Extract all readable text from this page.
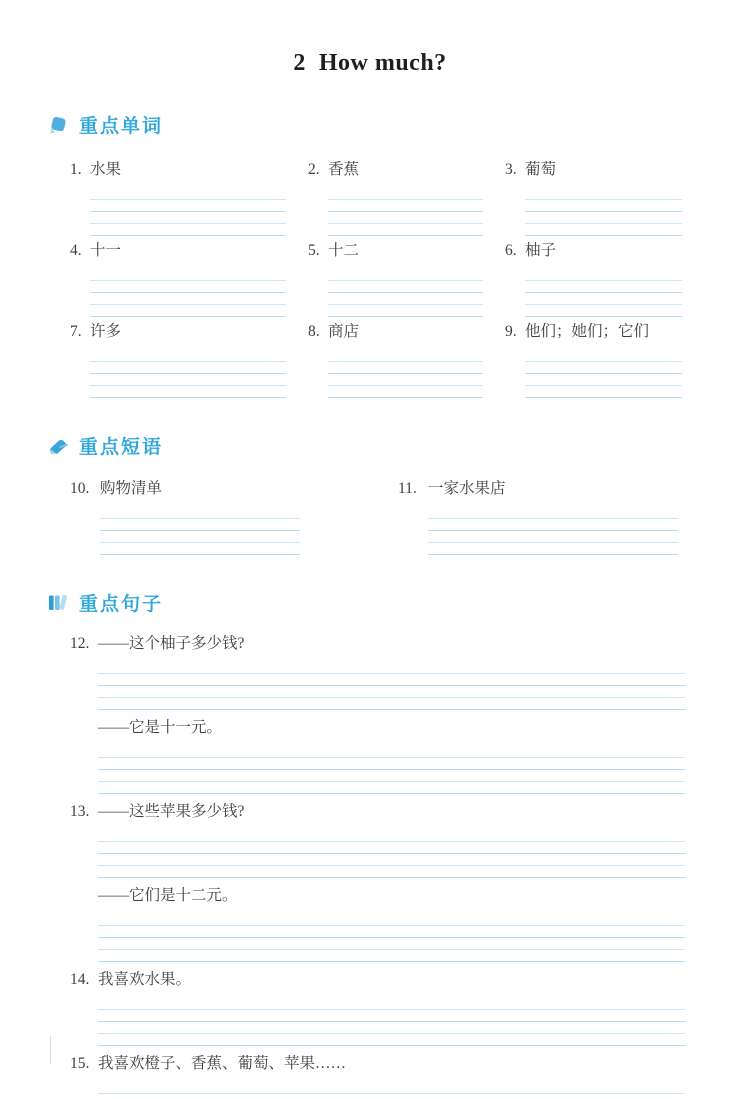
2  How much?
重点单词
1. 水果	2. 香蕉	3. 葡萄
4. 十一	5. 十二	6. 柚子
7. 许多	8. 商店	9. 他们；她们；它们
重点短语
10. 购物清单	11. 一家水果店
重点句子
12. ——这个柚子多少钱?
——它是十一元。
13. ——这些苹果多少钱?
——它们是十二元。
14. 我喜欢水果。
15. 我喜欢橙子、香蕉、葡萄、苹果……
